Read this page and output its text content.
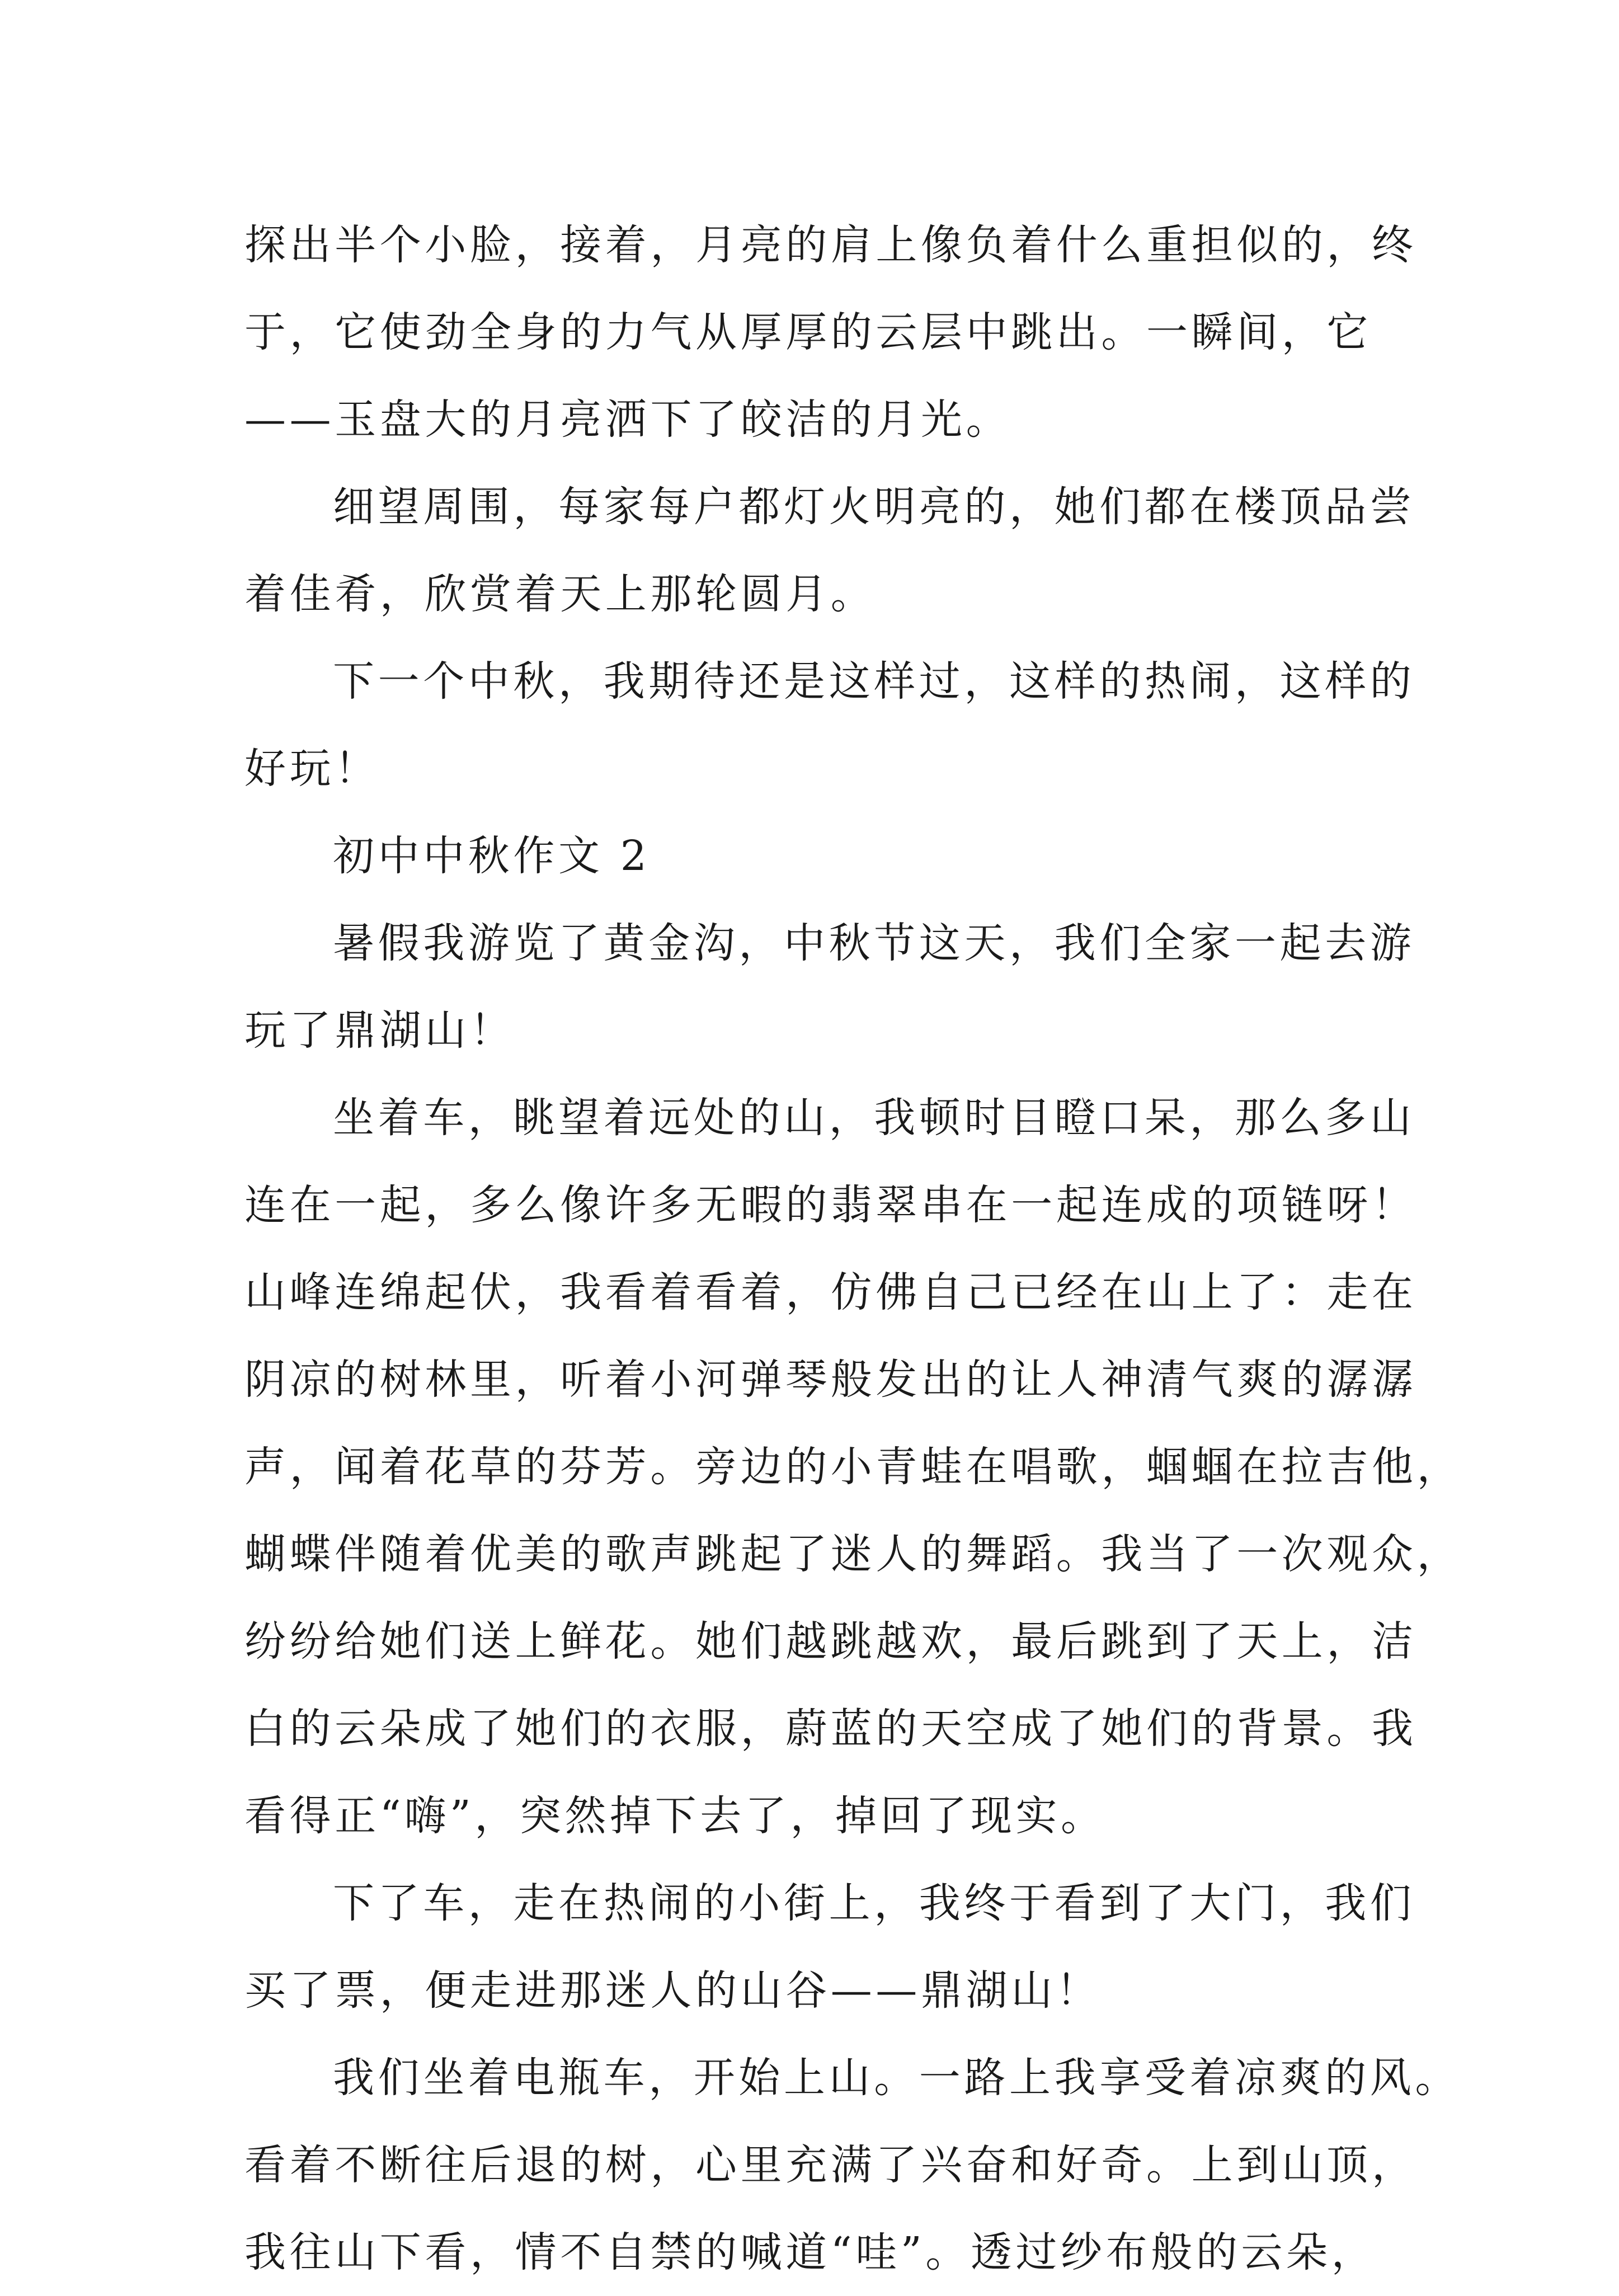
探出半个小脸，接着，月亮的肩上像负着什么重担似的，终
于，它使劲全身的力气从厚厚的云层中跳出。一瞬间，它
——玉盘大的月亮洒下了皎洁的月光。
细望周围，每家每户都灯火明亮的，她们都在楼顶品尝
着佳肴，欣赏着天上那轮圆月。
下一个中秋，我期待还是这样过，这样的热闹，这样的
好玩！
初中中秋作文 2
暑假我游览了黄金沟，中秋节这天，我们全家一起去游
玩了鼎湖山！
坐着车，眺望着远处的山，我顿时目瞪口呆，那么多山
连在一起，多么像许多无暇的翡翠串在一起连成的项链呀！
山峰连绵起伏，我看着看着，仿佛自己已经在山上了：走在
阴凉的树林里，听着小河弹琴般发出的让人神清气爽的潺潺
声，闻着花草的芬芳。旁边的小青蛙在唱歌，蝈蝈在拉吉他，
蝴蝶伴随着优美的歌声跳起了迷人的舞蹈。我当了一次观众，
纷纷给她们送上鲜花。她们越跳越欢，最后跳到了天上，洁
白的云朵成了她们的衣服，蔚蓝的天空成了她们的背景。我
看得正“嗨”，突然掉下去了，掉回了现实。
下了车，走在热闹的小街上，我终于看到了大门，我们
买了票，便走进那迷人的山谷——鼎湖山！
我们坐着电瓶车，开始上山。一路上我享受着凉爽的风。
看着不断往后退的树，心里充满了兴奋和好奇。上到山顶，
我往山下看，情不自禁的喊道“哇”。透过纱布般的云朵，
